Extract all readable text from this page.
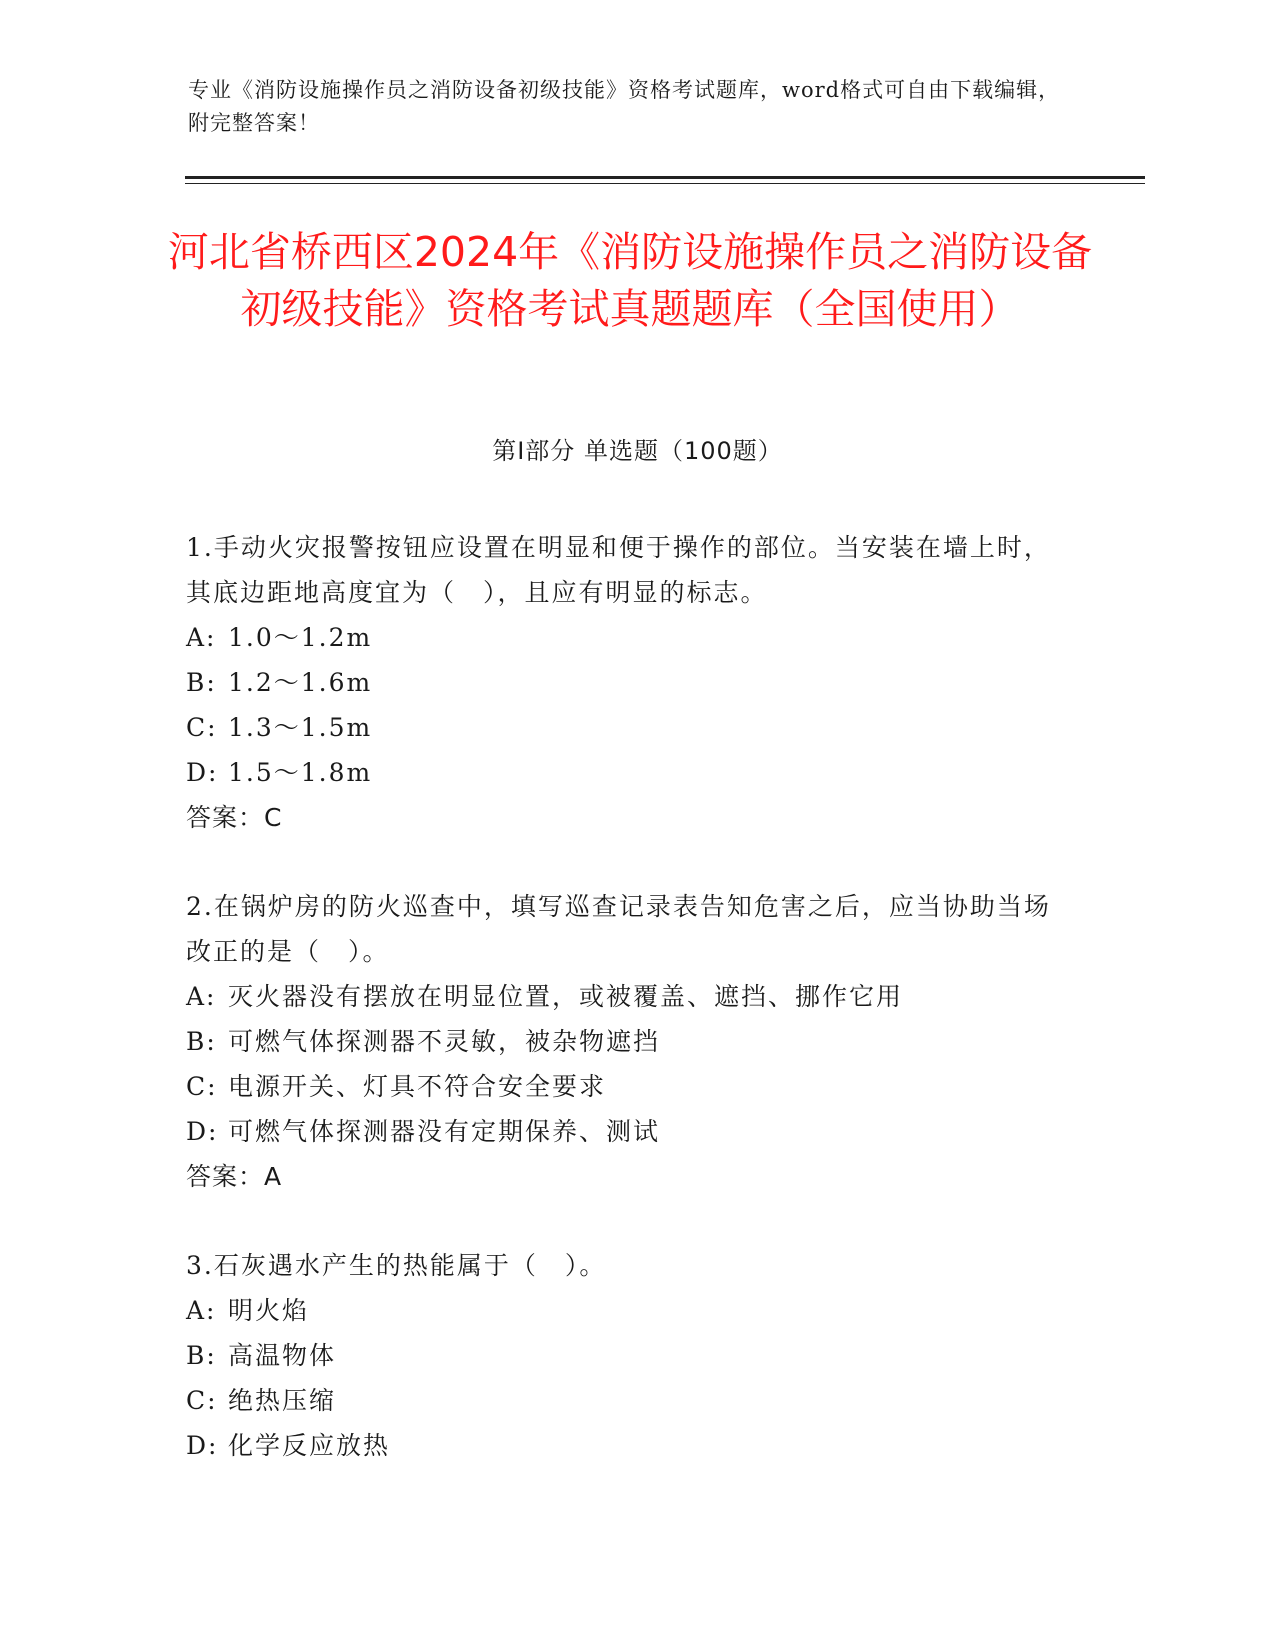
专业《消防设施操作员之消防设备初级技能》资格考试题库，word格式可自由下载编辑，附完整答案！
河北省桥西区2024年《消防设施操作员之消防设备初级技能》资格考试真题题库（全国使用）
第I部分 单选题（100题）
1.手动火灾报警按钮应设置在明显和便于操作的部位。当安装在墙上时，其底边距地高度宜为（　），且应有明显的标志。
A: 1.0～1.2m
B: 1.2～1.6m
C: 1.3～1.5m
D: 1.5～1.8m
答案：C
2.在锅炉房的防火巡查中，填写巡查记录表告知危害之后，应当协助当场改正的是（　）。
A: 灭火器没有摆放在明显位置，或被覆盖、遮挡、挪作它用
B: 可燃气体探测器不灵敏，被杂物遮挡
C: 电源开关、灯具不符合安全要求
D: 可燃气体探测器没有定期保养、测试
答案：A
3.石灰遇水产生的热能属于（　）。
A: 明火焰
B: 高温物体
C: 绝热压缩
D: 化学反应放热
